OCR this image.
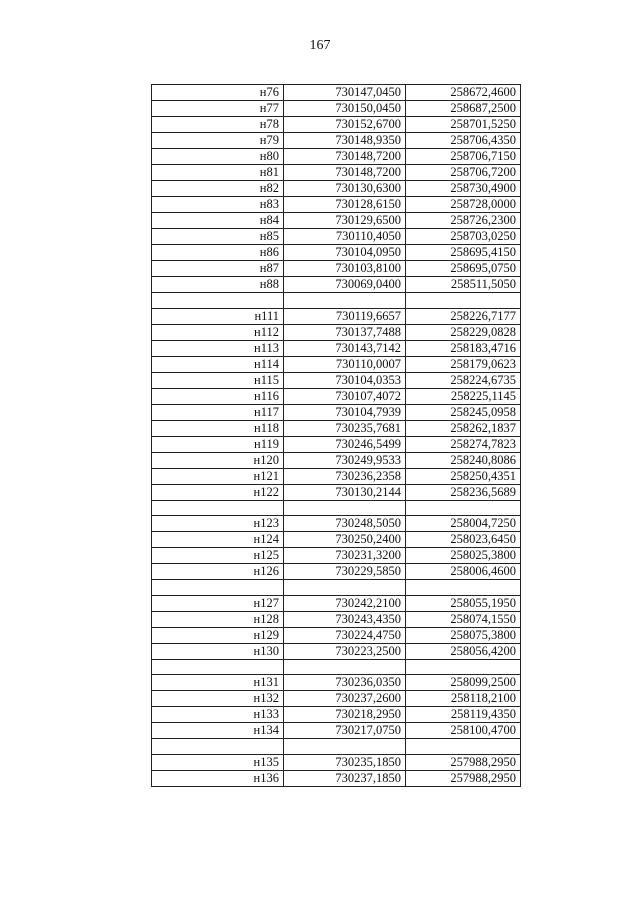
167
н76	730147,0450	258672,4600
н77	730150,0450	258687,2500
н78	730152,6700	258701,5250
н79	730148,9350	258706,4350
н80	730148,7200	258706,7150
н81	730148,7200	258706,7200
н82	730130,6300	258730,4900
н83	730128,6150	258728,0000
н84	730129,6500	258726,2300
н85	730110,4050	258703,0250
н86	730104,0950	258695,4150
н87	730103,8100	258695,0750
н88	730069,0400	258511,5050

н111	730119,6657	258226,7177
н112	730137,7488	258229,0828
н113	730143,7142	258183,4716
н114	730110,0007	258179,0623
н115	730104,0353	258224,6735
н116	730107,4072	258225,1145
н117	730104,7939	258245,0958
н118	730235,7681	258262,1837
н119	730246,5499	258274,7823
н120	730249,9533	258240,8086
н121	730236,2358	258250,4351
н122	730130,2144	258236,5689

н123	730248,5050	258004,7250
н124	730250,2400	258023,6450
н125	730231,3200	258025,3800
н126	730229,5850	258006,4600

н127	730242,2100	258055,1950
н128	730243,4350	258074,1550
н129	730224,4750	258075,3800
н130	730223,2500	258056,4200

н131	730236,0350	258099,2500
н132	730237,2600	258118,2100
н133	730218,2950	258119,4350
н134	730217,0750	258100,4700

н135	730235,1850	257988,2950
н136	730237,1850	257988,2950
